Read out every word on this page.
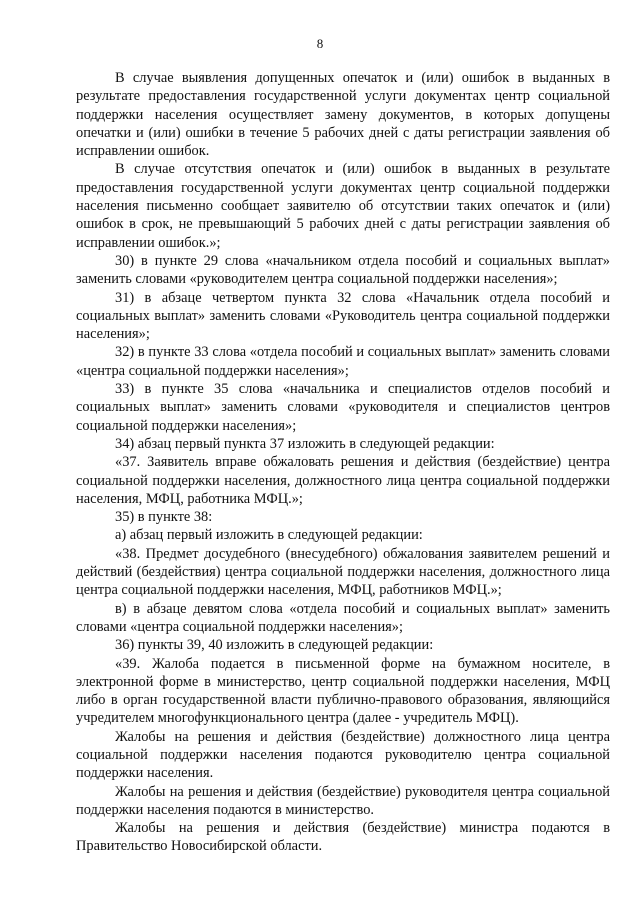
8

В случае выявления допущенных опечаток и (или) ошибок в выданных в результате предоставления государственной услуги документах центр социальной поддержки населения осуществляет замену документов, в которых допущены опечатки и (или) ошибки в течение 5 рабочих дней с даты регистрации заявления об исправлении ошибок.

В случае отсутствия опечаток и (или) ошибок в выданных в результате предоставления государственной услуги документах центр социальной поддержки населения письменно сообщает заявителю об отсутствии таких опечаток и (или) ошибок в срок, не превышающий 5 рабочих дней с даты регистрации заявления об исправлении ошибок.»;

30) в пункте 29 слова «начальником отдела пособий и социальных выплат» заменить словами «руководителем центра социальной поддержки населения»;

31) в абзаце четвертом пункта 32 слова «Начальник отдела пособий и социальных выплат» заменить словами «Руководитель центра социальной поддержки населения»;

32) в пункте 33 слова «отдела пособий и социальных выплат» заменить словами «центра социальной поддержки населения»;

33) в пункте 35 слова «начальника и специалистов отделов пособий и социальных выплат» заменить словами «руководителя и специалистов центров социальной поддержки населения»;

34) абзац первый пункта 37 изложить в следующей редакции:

«37. Заявитель вправе обжаловать решения и действия (бездействие) центра социальной поддержки населения, должностного лица центра социальной поддержки населения, МФЦ, работника МФЦ.»;

35) в пункте 38:

а) абзац первый изложить в следующей редакции:

«38. Предмет досудебного (внесудебного) обжалования заявителем решений и действий (бездействия) центра социальной поддержки населения, должностного лица центра социальной поддержки населения, МФЦ, работников МФЦ.»;

в) в абзаце девятом слова «отдела пособий и социальных выплат» заменить словами «центра социальной поддержки населения»;

36) пункты 39, 40 изложить в следующей редакции:

«39. Жалоба подается в письменной форме на бумажном носителе, в электронной форме в министерство, центр социальной поддержки населения, МФЦ либо в орган государственной власти публично-правового образования, являющийся учредителем многофункционального центра (далее - учредитель МФЦ).

Жалобы на решения и действия (бездействие) должностного лица центра социальной поддержки населения подаются руководителю центра социальной поддержки населения.

Жалобы на решения и действия (бездействие) руководителя центра социальной поддержки населения подаются в министерство.

Жалобы на решения и действия (бездействие) министра подаются в Правительство Новосибирской области.
